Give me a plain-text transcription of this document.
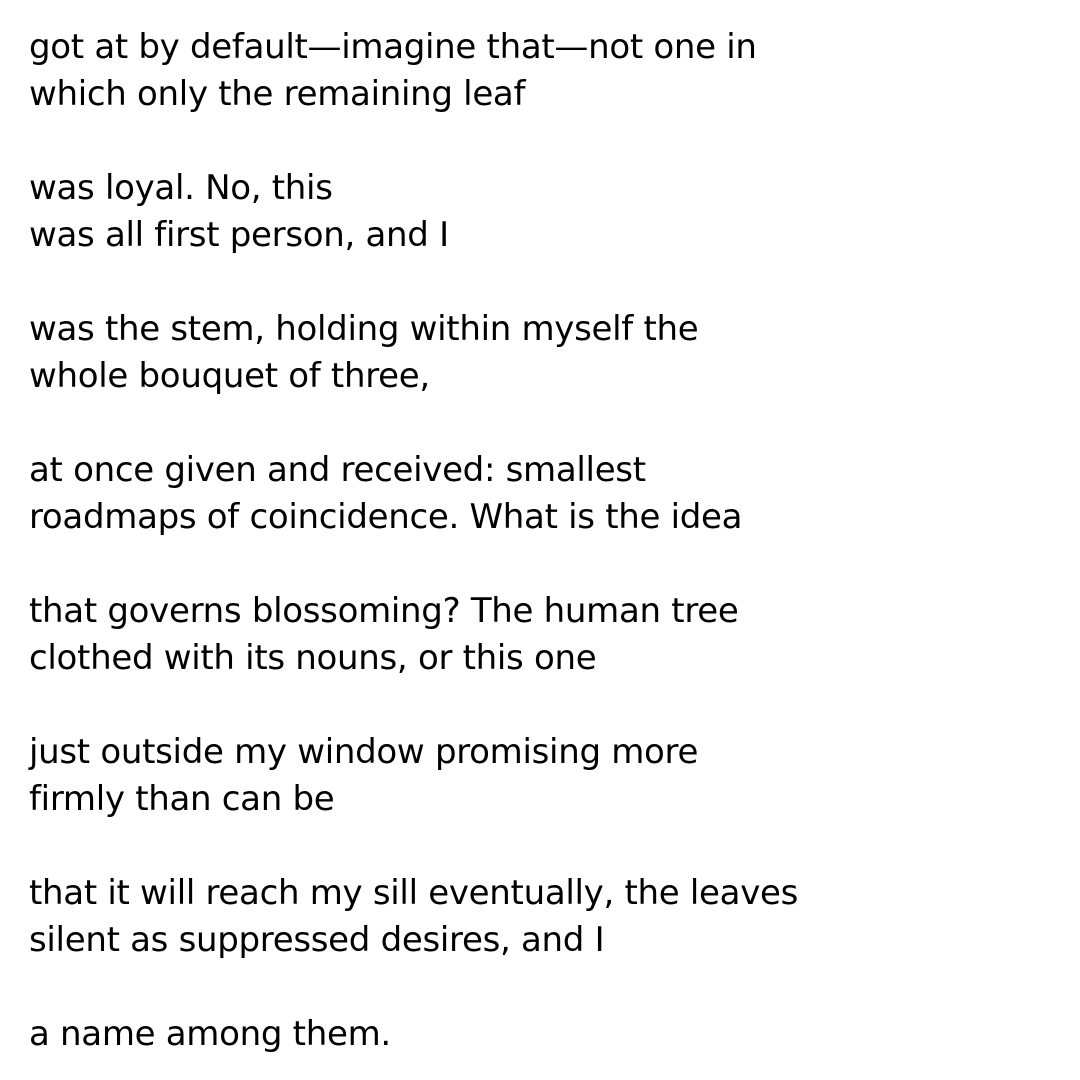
got at by default—imagine that—not one in
which only the remaining leaf
was loyal. No, this
was all first person, and I
was the stem, holding within myself the
whole bouquet of three,
at once given and received: smallest
roadmaps of coincidence. What is the idea
that governs blossoming? The human tree
clothed with its nouns, or this one
just outside my window promising more
firmly than can be
that it will reach my sill eventually, the leaves
silent as suppressed desires, and I
a name among them.
